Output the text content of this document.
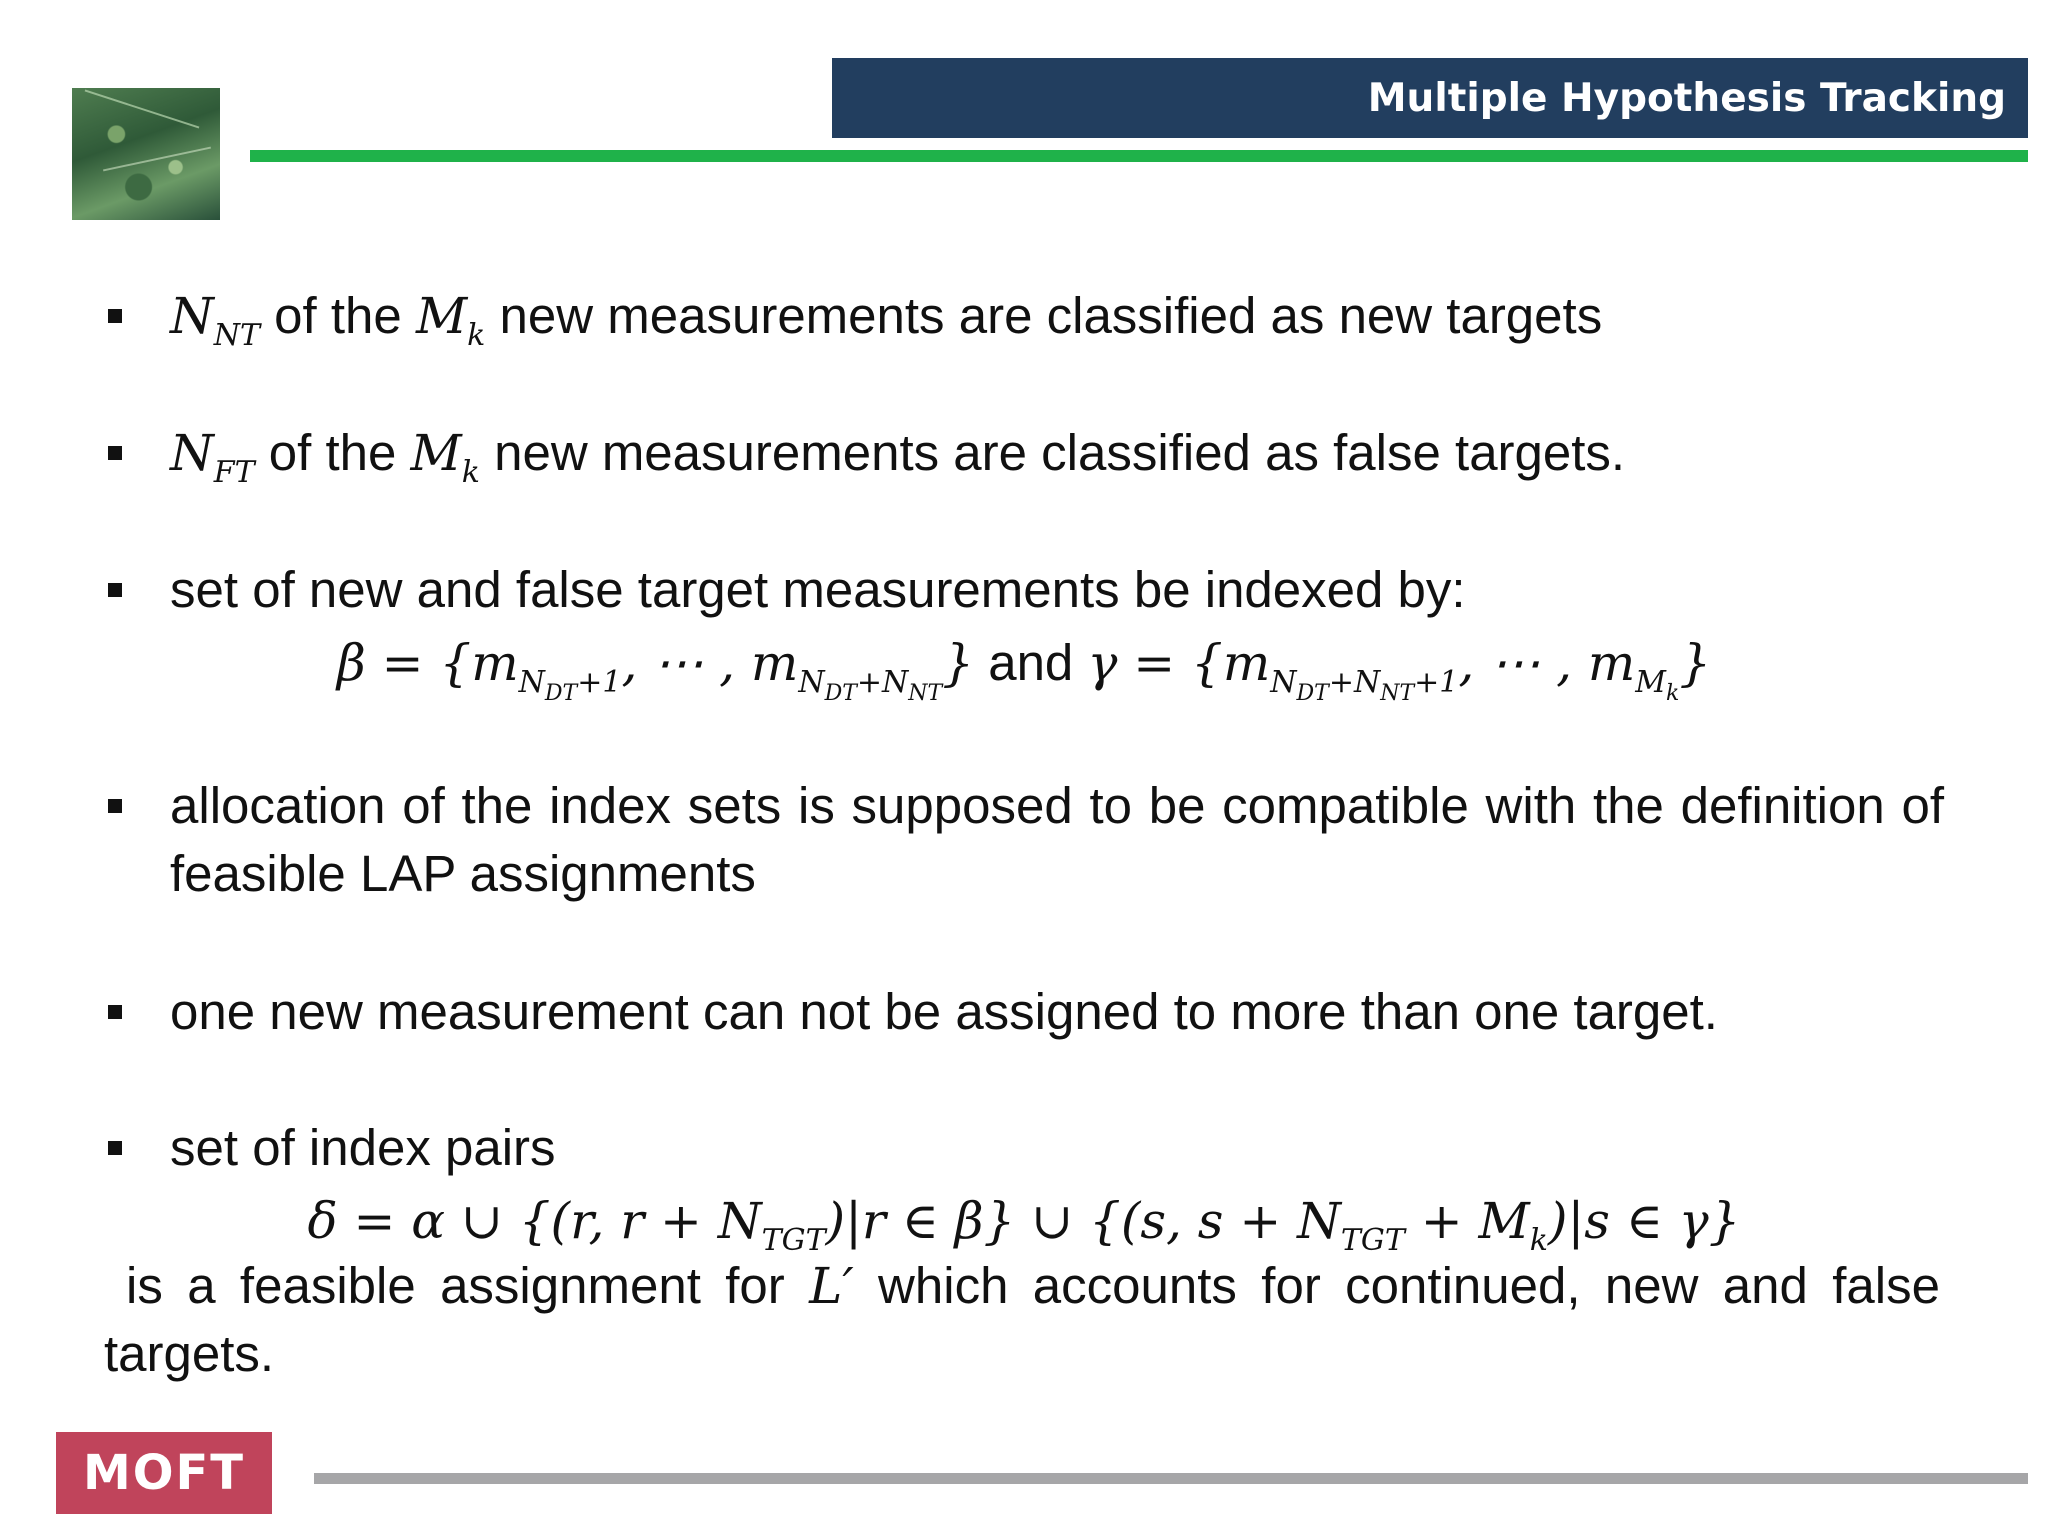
Multiple Hypothesis Tracking
$N_{NT}$ of the $M_k$ new measurements are classified as new targets
$N_{FT}$ of the $M_k$ new measurements are classified as false targets.
set of new and false target measurements be indexed by:
$\beta = \{m_{N_{DT}+1}$, ⋯ , $m_{N_{DT}+N_{NT}}$} and $\gamma = \{m_{N_{DT}+N_{NT}+1}$, ⋯ , $m_{M_k}$}
allocation of the index sets is supposed to be compatible with the definition of feasible LAP assignments
one new measurement can not be assigned to more than one target.
set of index pairs
δ = α ∪ {(r, $r + N_{TGT})|r$ ∈ β} ∪ {(s, $s + N_{TGT} + M_k)|s$ ∈ γ}
is a feasible assignment for L′ which accounts for continued, new and false targets.
MOFT
